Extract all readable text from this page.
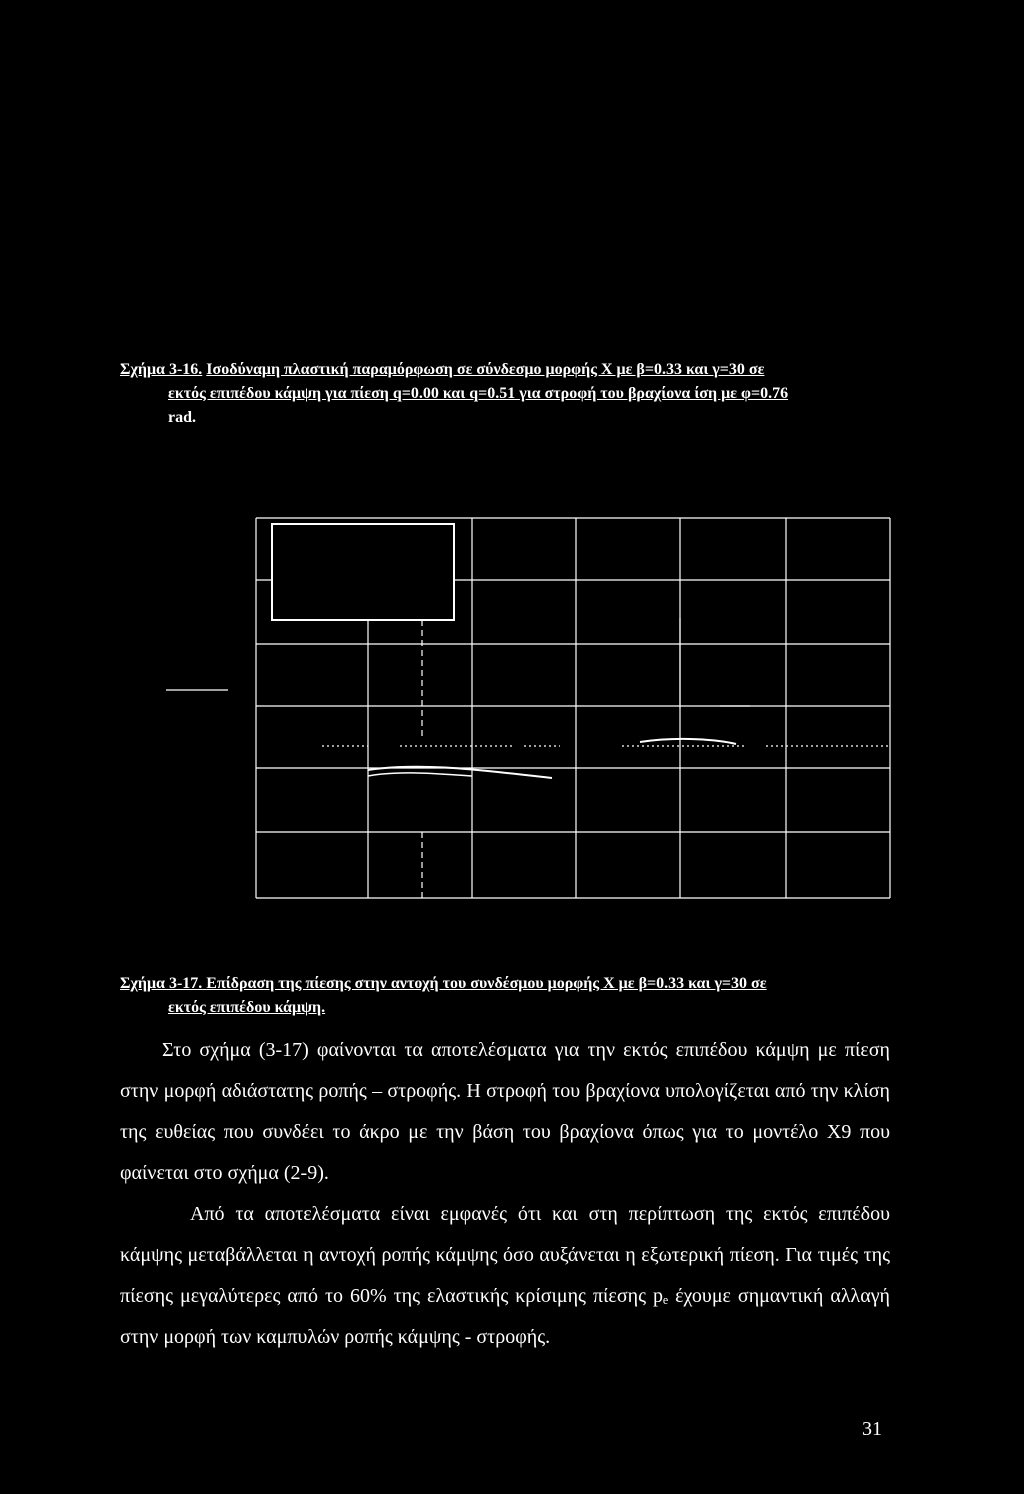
Σχήμα 3-16. Ισοδύναμη πλαστική παραμόρφωση σε σύνδεσμο μορφής Χ με β=0.33 και γ=30 σε
εκτός επιπέδου κάμψη για πίεση q=0.00 και q=0.51 για στροφή του βραχίονα ίση με φ=0.76
rad.
Σχήμα 3-17. Επίδραση της πίεσης στην αντοχή του συνδέσμου μορφής Χ με β=0.33 και γ=30 σε
εκτός επιπέδου κάμψη.

Στο σχήμα (3-17) φαίνονται τα αποτελέσματα για την εκτός επιπέδου κάμψη με πίεση στην μορφή αδιάστατης ροπής – στροφής. Η στροφή του βραχίονα υπολογίζεται από την κλίση της ευθείας που συνδέει το άκρο με την βάση του βραχίονα όπως για το μοντέλο Χ9 που φαίνεται στο σχήμα (2-9).

Από τα αποτελέσματα είναι εμφανές ότι και στη περίπτωση της εκτός επιπέδου κάμψης μεταβάλλεται η αντοχή ροπής κάμψης όσο αυξάνεται η εξωτερική πίεση. Για τιμές της πίεσης μεγαλύτερες από το 60% της ελαστικής κρίσιμης πίεσης pₑ έχουμε σημαντική αλλαγή στην μορφή των καμπυλών ροπής κάμψης - στροφής.

31
